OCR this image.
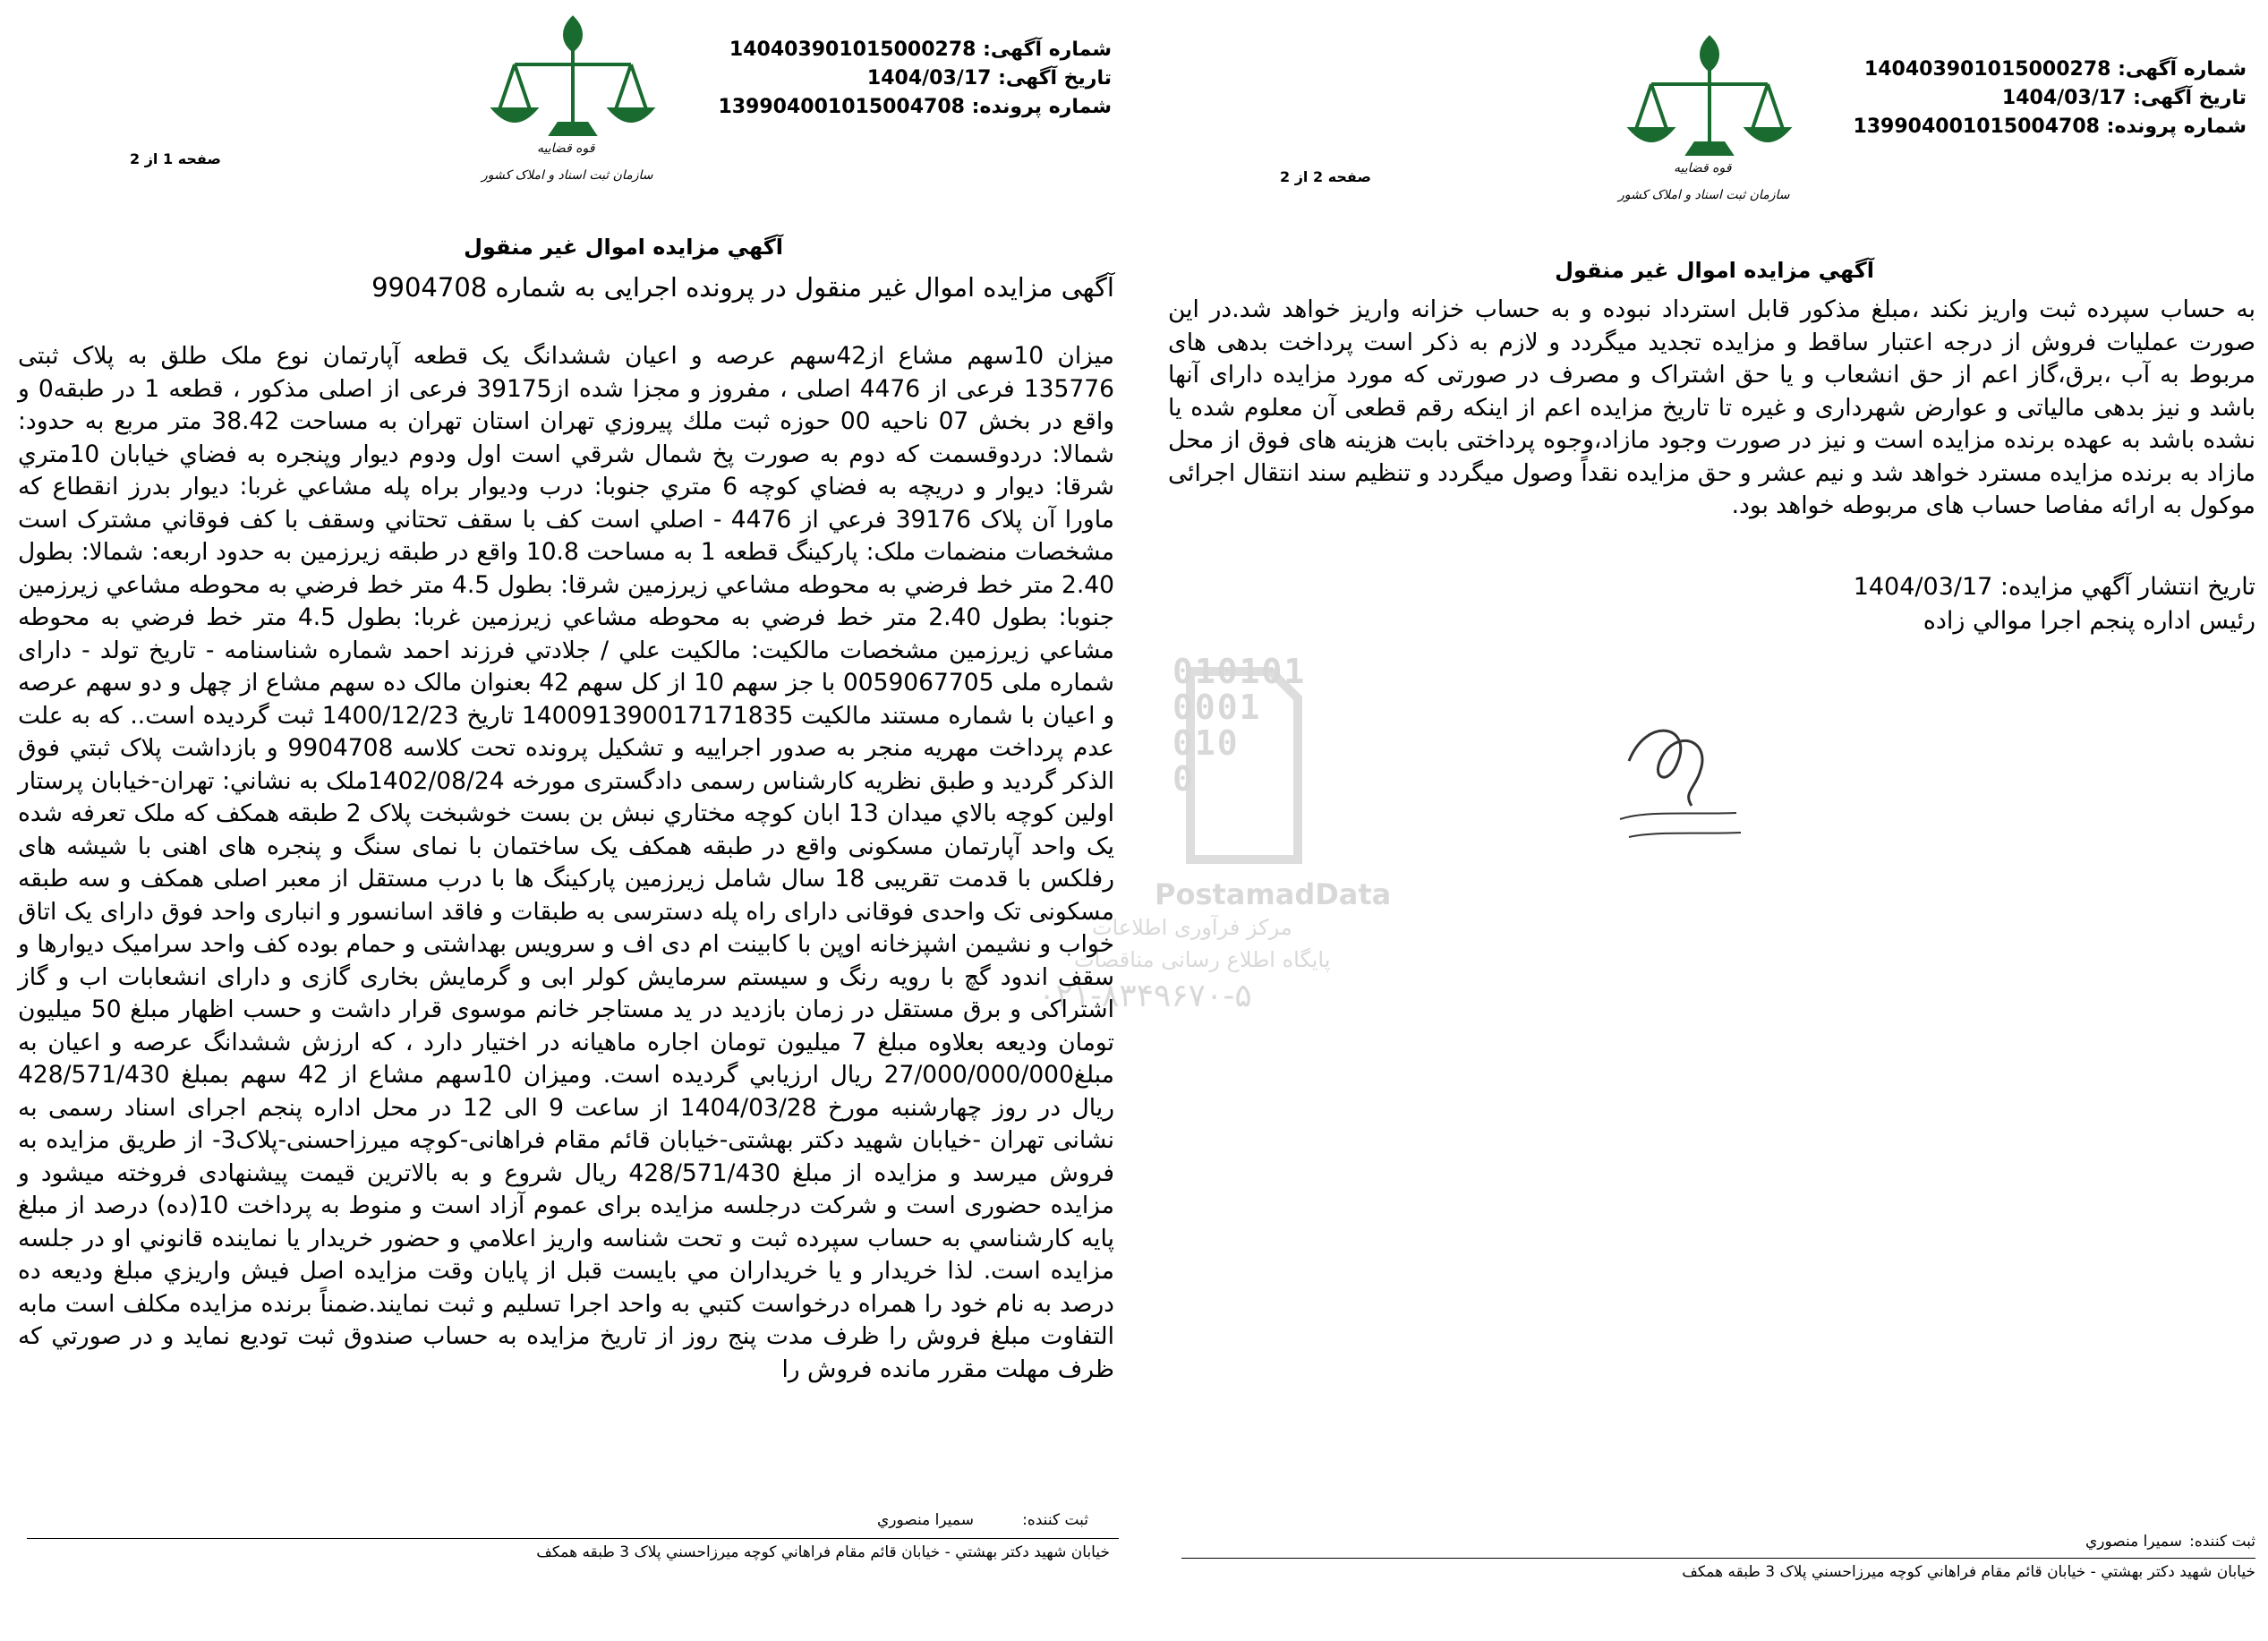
شماره آگهی: 140403901015000278
تاریخ آگهی: 1404/03/17
شماره پرونده: 139904001015004708
قوه قضاییه
سازمان ثبت اسناد و املاک کشور
صفحه 1 از 2
آگهي مزايده اموال غير منقول
آگهی مزایده اموال غیر منقول در پرونده اجرایی به شماره 9904708
ميزان 10سهم مشاع از42سهم عرصه و اعيان ششدانگ يک قطعه آپارتمان نوع ملک طلق به پلاک ثبتی 135776 فرعی از 4476 اصلی ، مفروز و مجزا شده از39175 فرعی از اصلی مذکور ، قطعه 1 در طبقه0 و واقع در بخش 07 ناحيه 00 حوزه ثبت ملك پيروزي تهران استان تهران به مساحت 38.42 متر مربع به حدود: شمالا: دردوقسمت که دوم به صورت پخ شمال شرقي است اول ودوم ديوار وپنجره به فضاي خيابان 10متري شرقا: ديوار و دريچه به فضاي کوچه 6 متري جنوبا: درب وديوار براه پله مشاعي غربا: ديوار بدرز انقطاع که ماورا آن پلاک 39176 فرعي از 4476 - اصلي است کف با سقف تحتاني وسقف با کف فوقاني مشترک است مشخصات منضمات ملک: پارکينگ قطعه 1 به مساحت 10.8 واقع در طبقه زيرزمين به حدود اربعه: شمالا: بطول 2.40 متر خط فرضي به محوطه مشاعي زيرزمين شرقا: بطول 4.5 متر خط فرضي به محوطه مشاعي زيرزمين جنوبا: بطول 2.40 متر خط فرضي به محوطه مشاعي زيرزمين غربا: بطول 4.5 متر خط فرضي به محوطه مشاعي زيرزمين مشخصات مالکيت: مالکيت علي / جلادتي فرزند احمد شماره شناسنامه - تاريخ تولد - دارای شماره ملی 0059067705 با جز سهم 10 از کل سهم 42 بعنوان مالک ده سهم مشاع از چهل و دو سهم عرصه و اعيان با شماره مستند مالکيت 140091390017171835 تاريخ 1400/12/23 ثبت گرديده است.. که به علت عدم پرداخت مهريه منجر به صدور اجراييه و تشکيل پرونده تحت كلاسه 9904708 و بازداشت پلاک ثبتي فوق الذکر گرديد و طبق نظريه کارشناس رسمی دادگستری مورخه 1402/08/24ملک به نشاني: تهران-خيابان پرستار اولين کوچه بالاي ميدان 13 ابان کوچه مختاري نبش بن بست خوشبخت پلاک 2 طبقه همكف که ملک تعرفه شده يک واحد آپارتمان مسکونی واقع در طبقه همكف يک ساختمان با نمای سنگ و پنجره های اهنی با شيشه های رفلکس با قدمت تقريبی 18 سال شامل زيرزمين پارکينگ ها با درب مستقل از معبر اصلی همکف و سه طبقه مسکونی تک واحدی فوقانی دارای راه پله دسترسی به طبقات و فاقد اسانسور و انباری واحد فوق دارای يک اتاق خواب و نشيمن اشپزخانه اوپن با کابينت ام دی اف و سرويس بهداشتی و حمام بوده کف واحد سراميک ديوارها و سقف اندود گچ با رويه رنگ و سيستم سرمايش کولر ابی و گرمايش بخاری گازی و دارای انشعابات اب و گاز اشتراکی و برق مستقل در زمان بازديد در يد مستاجر خانم موسوی قرار داشت و حسب اظهار مبلغ 50 ميليون تومان وديعه بعلاوه مبلغ 7 ميليون تومان اجاره ماهيانه در اختيار دارد ، که ارزش ششدانگ عرصه و اعيان به مبلغ27/000/000/000 ريال ارزيابي گرديده است. وميزان 10سهم مشاع از 42 سهم بمبلغ 428/571/430 ريال در روز چهارشنبه مورخ 1404/03/28 از ساعت 9 الی 12 در محل اداره پنجم اجرای اسناد رسمی به نشانی تهران -خیابان شهید دکتر بهشتی-خیابان قائم مقام فراهانی-کوچه میرزاحسنی-پلاک3- از طريق مزايده به فروش ميرسد و مزايده از مبلغ 428/571/430 ريال شروع و به بالاترين قيمت پيشنهادی فروخته ميشود و مزايده حضوری است و شرکت درجلسه مزايده برای عموم آزاد است و منوط به پرداخت 10(ده) درصد از مبلغ پايه کارشناسي به حساب سپرده ثبت و تحت شناسه واريز اعلامي و حضور خريدار يا نماينده قانوني او در جلسه مزايده است. لذا خريدار و يا خريداران مي بايست قبل از پايان وقت مزايده اصل فيش واريزي مبلغ وديعه ده درصد به نام خود را همراه درخواست کتبي به واحد اجرا تسليم و ثبت نمايند.ضمناً برنده مزايده مکلف است مابه التفاوت مبلغ فروش را ظرف مدت پنج روز از تاريخ مزايده به حساب صندوق ثبت توديع نمايد و در صورتي که ظرف مهلت مقرر مانده فروش را
ثبت کننده:
سميرا منصوري
خيابان شهيد دکتر بهشتي - خيابان قائم مقام فراهاني کوچه ميرزاحسني پلاک 3 طبقه همکف
شماره آگهی: 140403901015000278
تاریخ آگهی: 1404/03/17
شماره پرونده: 139904001015004708
قوه قضاییه
سازمان ثبت اسناد و املاک کشور
صفحه 2 از 2
آگهي مزايده اموال غير منقول
به حساب سپرده ثبت واريز نكند ،مبلغ مذكور قابل استرداد نبوده و به حساب خزانه واريز خواهد شد.در اين صورت عمليات فروش از درجه اعتبار ساقط و مزايده تجديد ميگردد و لازم به ذكر است پرداخت بدهی های مربوط به آب ،برق،گاز اعم از حق انشعاب و يا حق اشتراک و مصرف در صورتی که مورد مزايده دارای آنها باشد و نيز بدهی مالياتی و عوارض شهرداری و غيره تا تاريخ مزايده اعم از اينکه رقم قطعی آن معلوم شده يا نشده باشد به عهده برنده مزايده است و نيز در صورت وجود مازاد،وجوه پرداختی بابت هزينه های فوق از محل مازاد به برنده مزايده مسترد خواهد شد و نيم عشر و حق مزايده نقداً وصول ميگردد و تنظيم سند انتقال اجرائی موکول به ارائه مفاصا حساب های مربوطه خواهد بود.
تاريخ انتشار آگهي مزايده: 1404/03/17
رئيس اداره پنجم اجرا موالي زاده
ثبت کننده:
سميرا منصوري
خيابان شهيد دکتر بهشتي - خيابان قائم مقام فراهاني کوچه ميرزاحسني پلاک 3 طبقه همکف
010101
0001
010
0
PostamadData
مرکز فرآوری اطلاعات
پایگاه اطلاع رسانی مناقصات
۰۲۱-۸۳۴۹۶۷۰-۵
